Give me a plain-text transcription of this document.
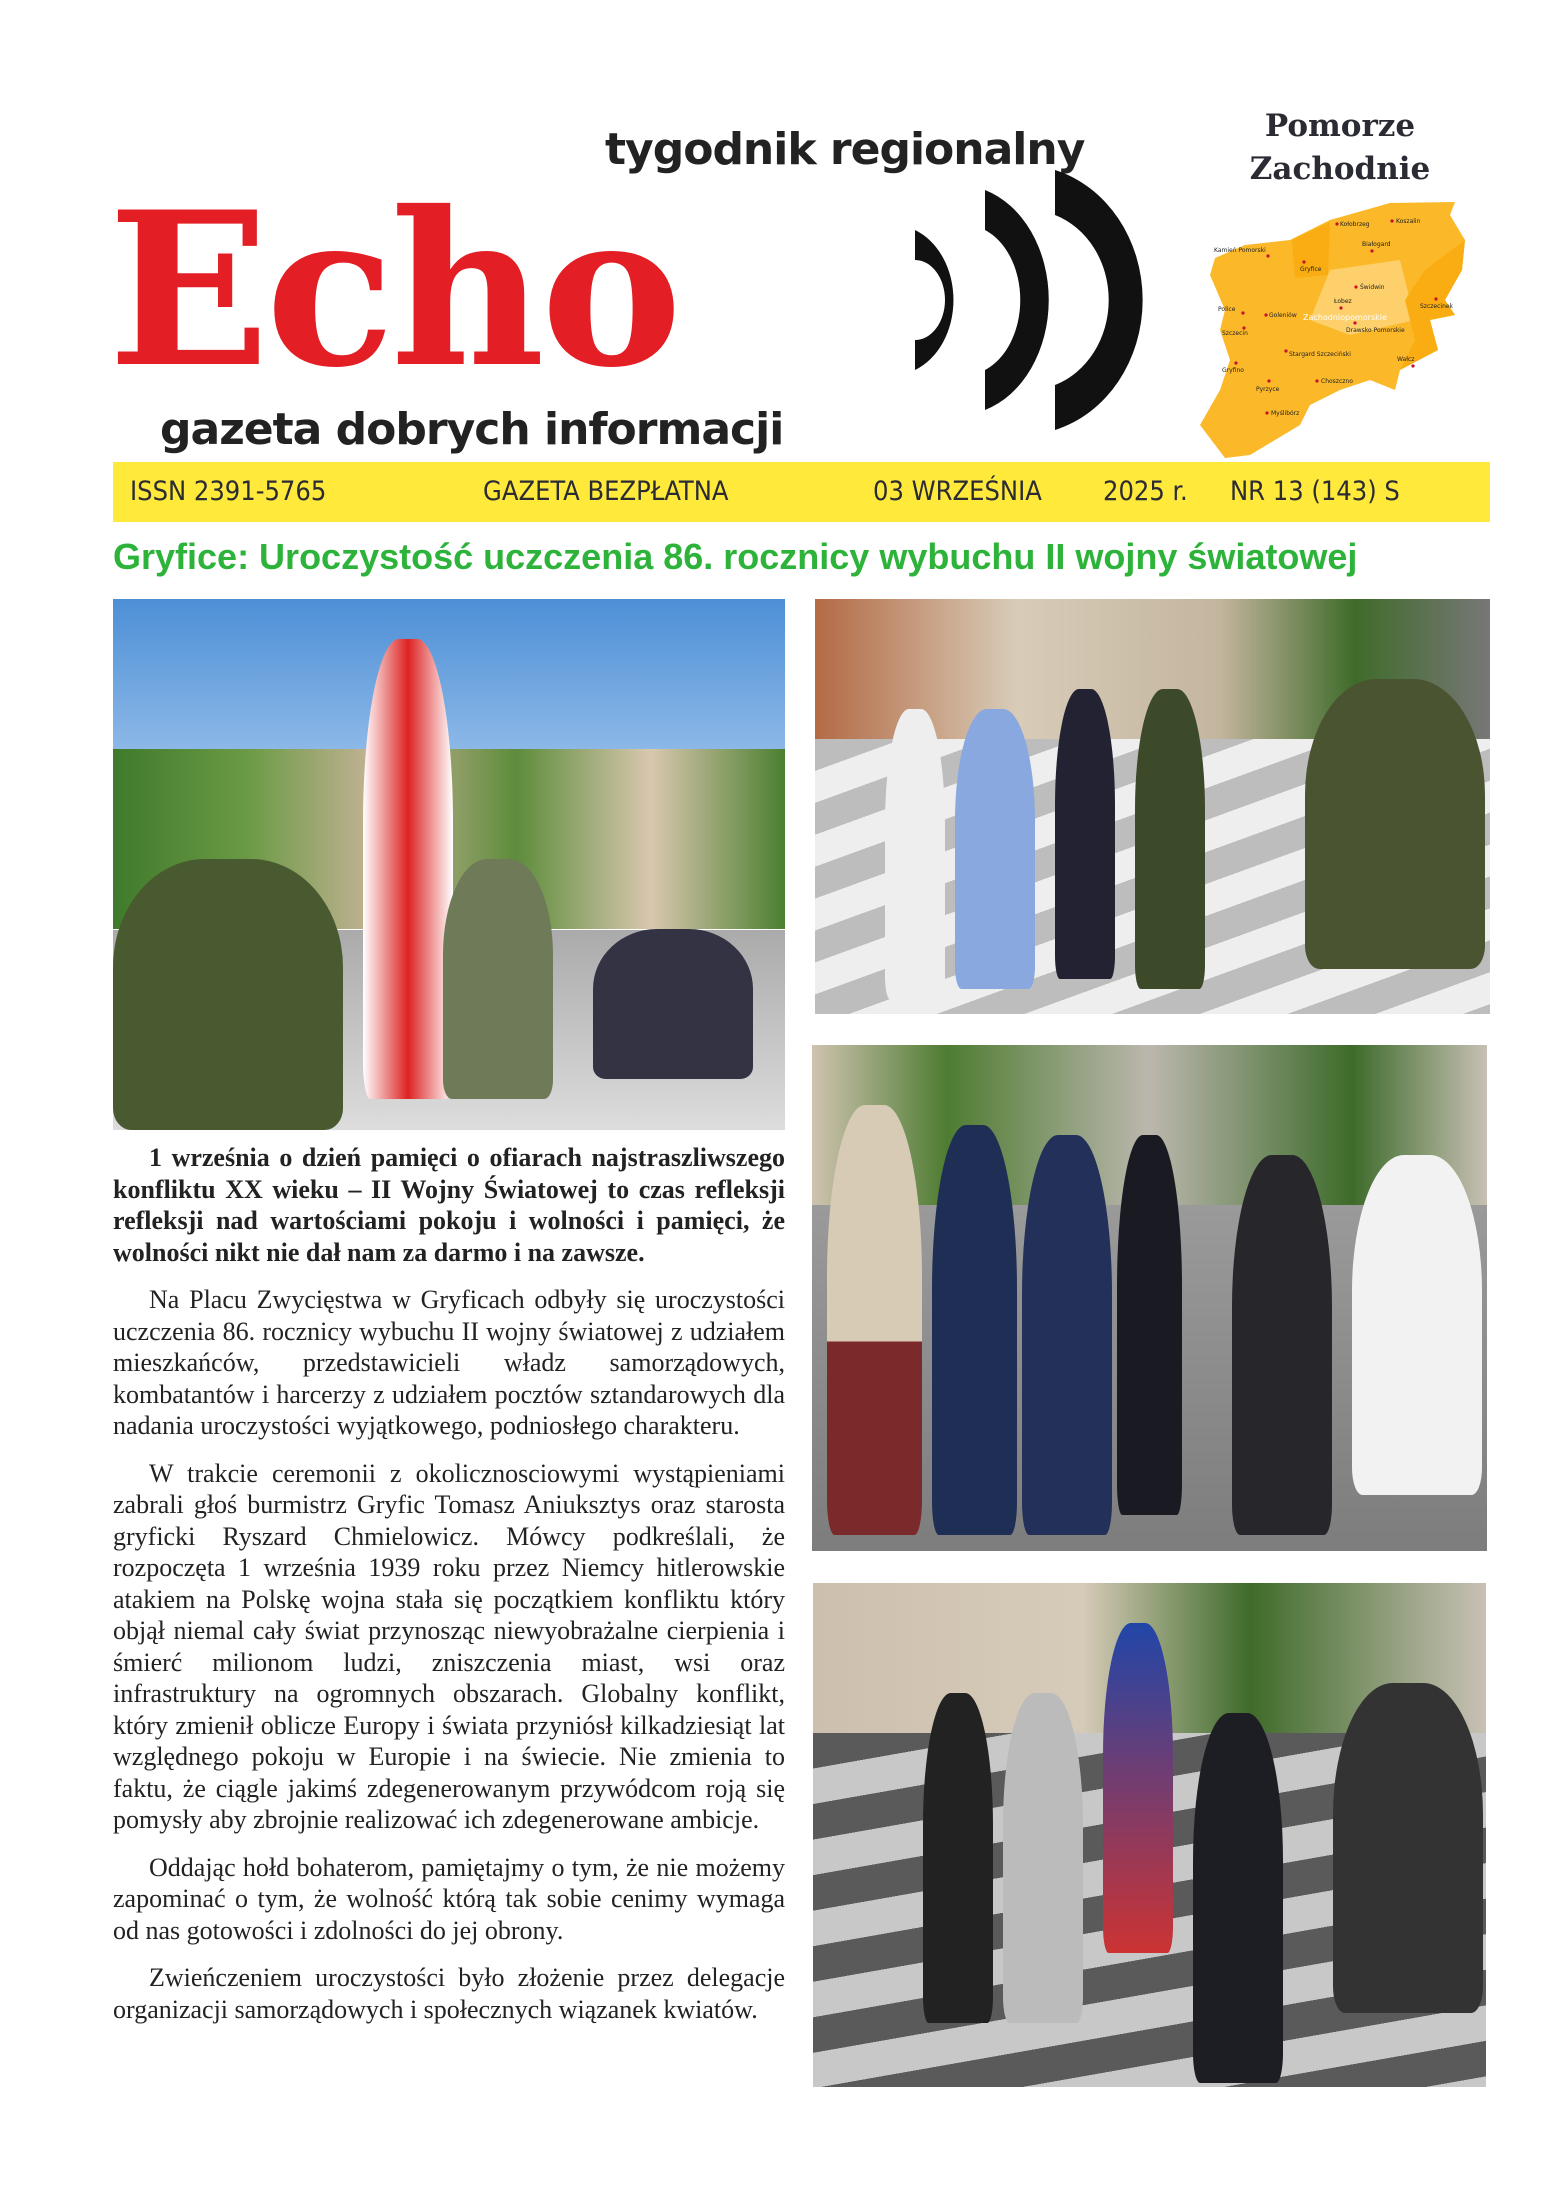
tygodnik regionalny
Echo
gazeta dobrych informacji
Pomorze
Zachodnie
Kołobrzeg	Koszalin
Kamień Pomorski
Gryfice
Białogard
Świdwin
Szczecinek
Łobez
Police
Goleniów
Szczecin	Drawsko Pomorskie
Stargard Szczeciński
Wałcz
Gryfino
Pyrzyce
Choszczno
Myślibórz
Zachodniopomorskie
ISSN 2391-5765	GAZETA BEZPŁATNA	03 WRZEŚNIA 2025 r. NR 13 (143) S
Gryfice: Uroczystość uczczenia 86. rocznicy wybuchu II wojny światowej

1 września o dzień pamięci o ofiarach najstraszliwszego konfliktu XX wieku – II Wojny Światowej to czas refleksji refleksji nad wartościami pokoju i wolności i pamięci, że wolności nikt nie dał nam za darmo i na zawsze.

Na Placu Zwycięstwa w Gryficach odbyły się uroczystości uczczenia 86. rocznicy wybuchu II wojny światowej z udziałem mieszkańców, przedstawicieli władz samorządowych, kombatantów i harcerzy z udziałem pocztów sztandarowych dla nadania uroczystości wyjątkowego, podniosłego charakteru.

W trakcie ceremonii z okolicznosciowymi wystąpieniami zabrali głoś burmistrz Gryfic Tomasz Aniuksztys oraz starosta gryficki Ryszard Chmielowicz. Mówcy podkreślali, że rozpoczęta 1 września 1939 roku przez Niemcy hitlerowskie atakiem na Polskę wojna stała się początkiem konfliktu który objął niemal cały świat przynosząc niewyobrażalne cierpienia i śmierć milionom ludzi, zniszczenia miast, wsi oraz infrastruktury na ogromnych obszarach. Globalny konflikt, który zmienił oblicze Europy i świata przyniósł kilkadziesiąt lat względnego pokoju w Europie i na świecie. Nie zmienia to faktu, że ciągle jakimś zdegenerowanym przywódcom roją się pomysły aby zbrojnie realizować ich zdegenerowane ambicje.

Oddając hołd bohaterom, pamiętajmy o tym, że nie możemy zapominać o tym, że wolność którą tak sobie cenimy wymaga od nas gotowości i zdolności do jej obrony.

Zwieńczeniem uroczystości było złożenie przez delegacje organizacji samorządowych i społecznych wiązanek kwiatów.
